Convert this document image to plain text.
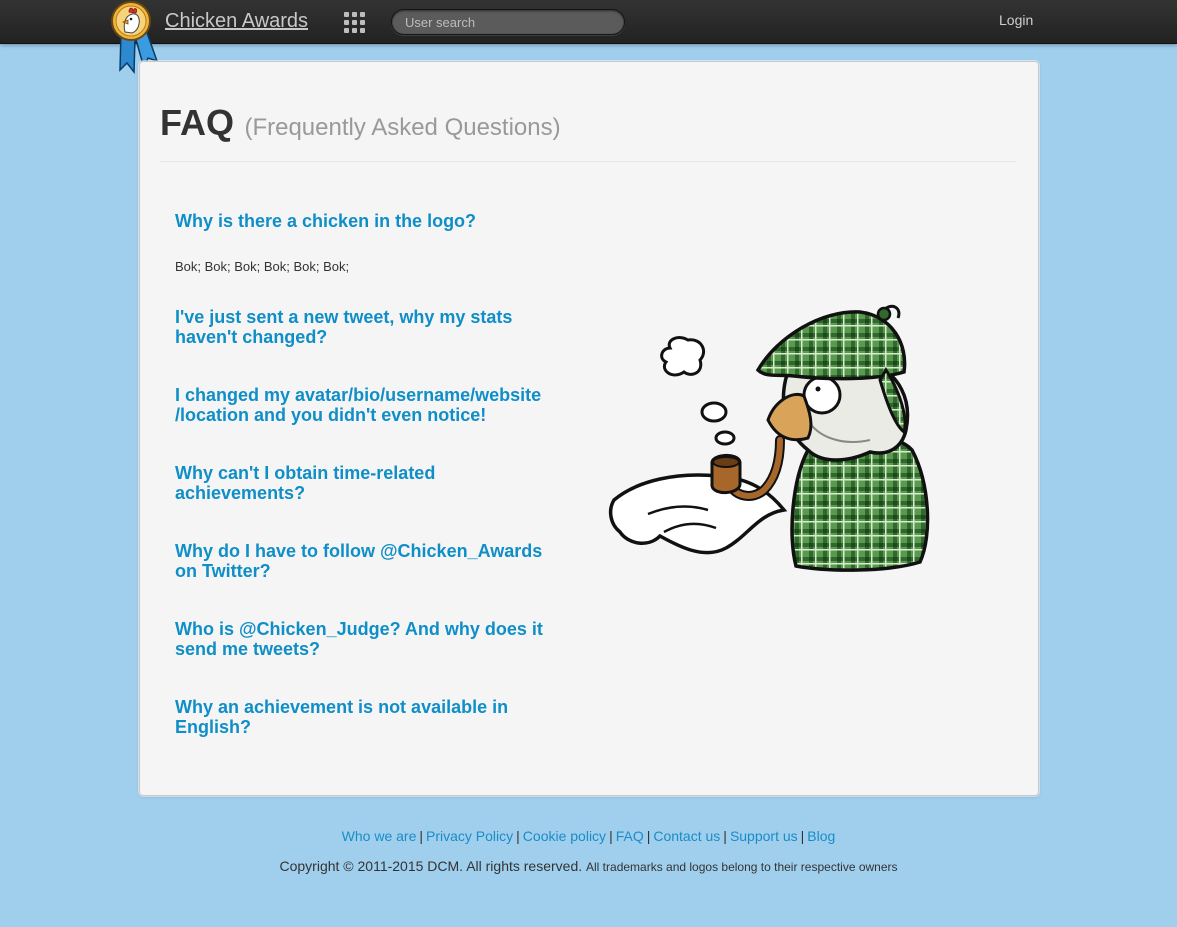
Chicken Awards
User search	Login
FAQ (Frequently Asked Questions)
Why is there a chicken in the logo?
Bok; Bok; Bok; Bok; Bok; Bok;
I've just sent a new tweet, why my stats haven't changed?
I changed my avatar/bio/username/website /location and you didn't even notice!
Why can't I obtain time-related achievements?
Why do I have to follow @Chicken_Awards on Twitter?
Who is @Chicken_Judge? And why does it send me tweets?
Why an achievement is not available in English?
Who we are | Privacy Policy | Cookie policy | FAQ | Contact us | Support us | Blog
Copyright © 2011-2015 DCM. All rights reserved. All trademarks and logos belong to their respective owners
